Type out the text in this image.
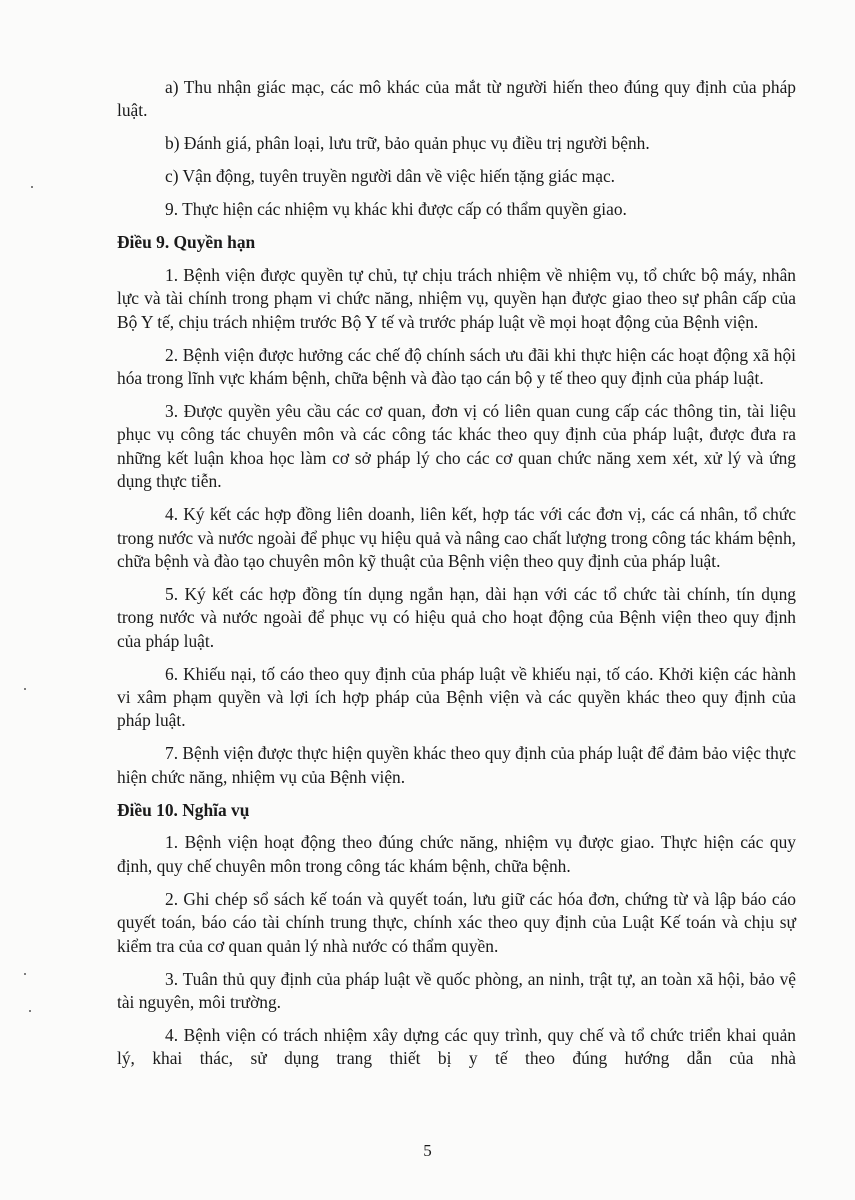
a) Thu nhận giác mạc, các mô khác của mắt từ người hiến theo đúng quy định của pháp luật.

b) Đánh giá, phân loại, lưu trữ, bảo quản phục vụ điều trị người bệnh.

c) Vận động, tuyên truyền người dân về việc hiến tặng giác mạc.

9. Thực hiện các nhiệm vụ khác khi được cấp có thẩm quyền giao.

Điều 9. Quyền hạn

1. Bệnh viện được quyền tự chủ, tự chịu trách nhiệm về nhiệm vụ, tổ chức bộ máy, nhân lực và tài chính trong phạm vi chức năng, nhiệm vụ, quyền hạn được giao theo sự phân cấp của Bộ Y tế, chịu trách nhiệm trước Bộ Y tế và trước pháp luật về mọi hoạt động của Bệnh viện.

2. Bệnh viện được hưởng các chế độ chính sách ưu đãi khi thực hiện các hoạt động xã hội hóa trong lĩnh vực khám bệnh, chữa bệnh và đào tạo cán bộ y tế theo quy định của pháp luật.

3. Được quyền yêu cầu các cơ quan, đơn vị có liên quan cung cấp các thông tin, tài liệu phục vụ công tác chuyên môn và các công tác khác theo quy định của pháp luật, được đưa ra những kết luận khoa học làm cơ sở pháp lý cho các cơ quan chức năng xem xét, xử lý và ứng dụng thực tiễn.

4. Ký kết các hợp đồng liên doanh, liên kết, hợp tác với các đơn vị, các cá nhân, tổ chức trong nước và nước ngoài để phục vụ hiệu quả và nâng cao chất lượng trong công tác khám bệnh, chữa bệnh và đào tạo chuyên môn kỹ thuật của Bệnh viện theo quy định của pháp luật.

5. Ký kết các hợp đồng tín dụng ngắn hạn, dài hạn với các tổ chức tài chính, tín dụng trong nước và nước ngoài để phục vụ có hiệu quả cho hoạt động của Bệnh viện theo quy định của pháp luật.

6. Khiếu nại, tố cáo theo quy định của pháp luật về khiếu nại, tố cáo. Khởi kiện các hành vi xâm phạm quyền và lợi ích hợp pháp của Bệnh viện và các quyền khác theo quy định của pháp luật.

7. Bệnh viện được thực hiện quyền khác theo quy định của pháp luật để đảm bảo việc thực hiện chức năng, nhiệm vụ của Bệnh viện.

Điều 10. Nghĩa vụ

1. Bệnh viện hoạt động theo đúng chức năng, nhiệm vụ được giao. Thực hiện các quy định, quy chế chuyên môn trong công tác khám bệnh, chữa bệnh.

2. Ghi chép sổ sách kế toán và quyết toán, lưu giữ các hóa đơn, chứng từ và lập báo cáo quyết toán, báo cáo tài chính trung thực, chính xác theo quy định của Luật Kế toán và chịu sự kiểm tra của cơ quan quản lý nhà nước có thẩm quyền.

3. Tuân thủ quy định của pháp luật về quốc phòng, an ninh, trật tự, an toàn xã hội, bảo vệ tài nguyên, môi trường.

4. Bệnh viện có trách nhiệm xây dựng các quy trình, quy chế và tổ chức triển khai quản lý, khai thác, sử dụng trang thiết bị y tế theo đúng hướng dẫn của nhà

5
